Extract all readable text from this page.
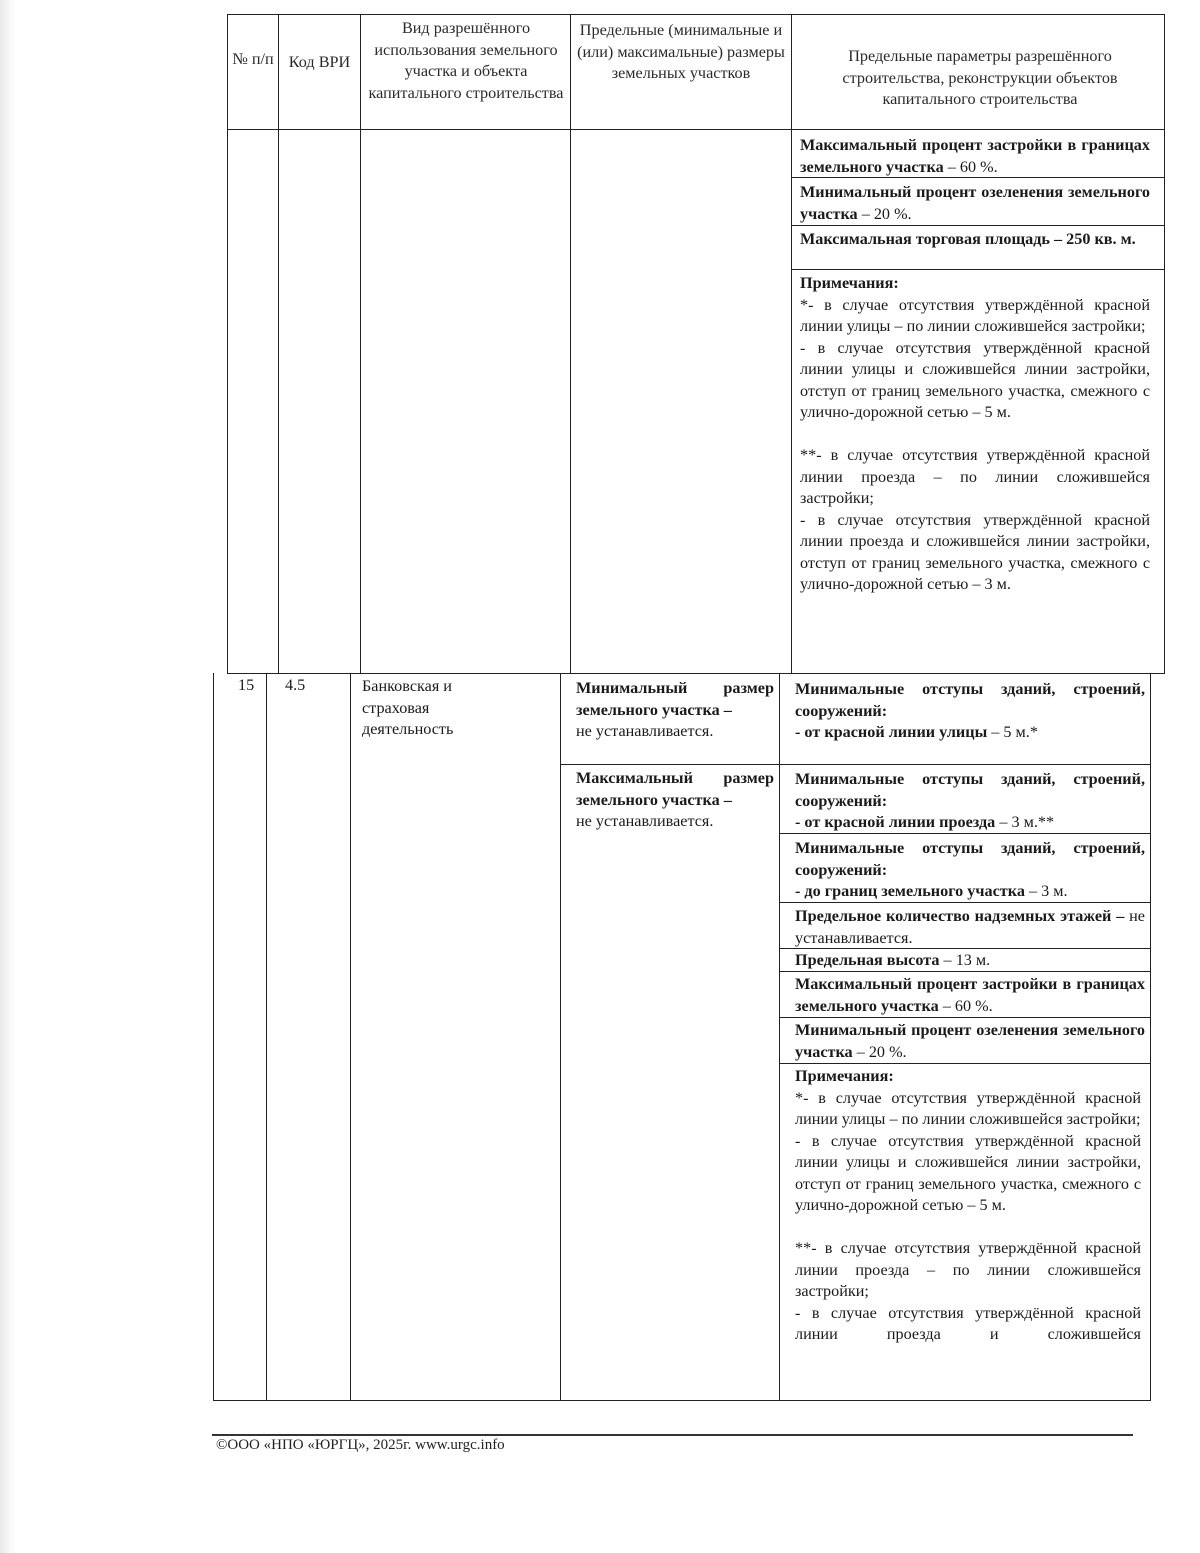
№ п/п Код ВРИ
Вид разрешённого использования земельного участка и объекта капитального строительства
Предельные (минимальные и (или) максимальные) размеры земельных участков
Предельные параметры разрешённого строительства, реконструкции объектов капитального строительства
Максимальный процент застройки в границах земельного участка – 60 %.
Минимальный процент озеленения земельного участка – 20 %.
Максимальная торговая площадь – 250 кв. м.
Примечания:
*- в случае отсутствия утверждённой красной линии улицы – по линии сложившейся застройки;
- в случае отсутствия утверждённой красной линии улицы и сложившейся линии застройки, отступ от границ земельного участка, смежного с улично-дорожной сетью – 5 м.
**- в случае отсутствия утверждённой красной линии проезда – по линии сложившейся застройки;
- в случае отсутствия утверждённой красной линии проезда и сложившейся линии застройки, отступ от границ земельного участка, смежного с улично-дорожной сетью – 3 м.
15 4.5	Банковская и страховая деятельность
Минимальный размер земельного участка –
не устанавливается.
Максимальный размер земельного участка –
не устанавливается.
Минимальные отступы зданий, строений, сооружений:
- от красной линии улицы – 5 м.*
Минимальные отступы зданий, строений, сооружений:
- от красной линии проезда – 3 м.**
Минимальные отступы зданий, строений, сооружений:
- до границ земельного участка – 3 м.
Предельное количество надземных этажей – не устанавливается.
Предельная высота – 13 м.
Максимальный процент застройки в границах земельного участка – 60 %.
Минимальный процент озеленения земельного участка – 20 %.
Примечания:
*- в случае отсутствия утверждённой красной линии улицы – по линии сложившейся застройки;
- в случае отсутствия утверждённой красной линии улицы и сложившейся линии застройки, отступ от границ земельного участка, смежного с улично-дорожной сетью – 5 м.
**- в случае отсутствия утверждённой красной линии проезда – по линии сложившейся застройки;
- в случае отсутствия утверждённой красной линии проезда и сложившейся
©ООО «НПО «ЮРГЦ», 2025г. www.urgc.info
